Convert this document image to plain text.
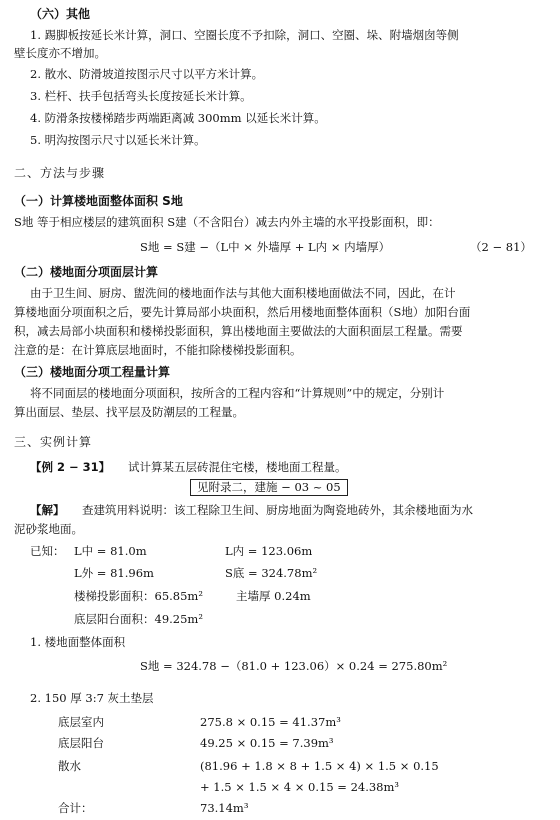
（六）其他
1. 踢脚板按延长米计算，洞口、空圈长度不予扣除，洞口、空圈、垛、附墙烟囱等侧
壁长度亦不增加。
2. 散水、防滑坡道按图示尺寸以平方米计算。
3. 栏杆、扶手包括弯头长度按延长米计算。
4. 防滑条按楼梯踏步两端距离减 300mm 以延长米计算。
5. 明沟按图示尺寸以延长米计算。
二、方法与步骤
（一）计算楼地面整体面积 S地
S地 等于相应楼层的建筑面积 S建（不含阳台）减去内外主墙的水平投影面积，即：
S地 = S建 −（L中 × 外墙厚 + L内 × 内墙厚）	（2 − 81）
（二）楼地面分项面层计算
由于卫生间、厨房、盥洗间的楼地面作法与其他大面积楼地面做法不同，因此，在计
算楼地面分项面积之后，要先计算局部小块面积，然后用楼地面整体面积（S地）加阳台面
积，减去局部小块面积和楼梯投影面积，算出楼地面主要做法的大面积面层工程量。需要
注意的是：在计算底层地面时，不能扣除楼梯投影面积。
（三）楼地面分项工程量计算
将不同面层的楼地面分项面积，按所含的工程内容和“计算规则”中的规定，分别计
算出面层、垫层、找平层及防潮层的工程量。
三、实例计算
【例 2 − 31】 试计算某五层砖混住宅楼，楼地面工程量。
见附录二，建施 − 03 ~ 05
【解】 查建筑用料说明：该工程除卫生间、厨房地面为陶瓷地砖外，其余楼地面为水
泥砂浆地面。
已知： L中 = 81.0m	L内 = 123.06m
L外 = 81.96m	S底 = 324.78m²
楼梯投影面积：65.85m²	主墙厚 0.24m
底层阳台面积：49.25m²
1. 楼地面整体面积
S地 = 324.78 −（81.0 + 123.06）× 0.24 = 275.80m²
2. 150 厚 3:7 灰土垫层
底层室内	275.8 × 0.15 = 41.37m³
底层阳台	49.25 × 0.15 = 7.39m³
散水	(81.96 + 1.8 × 8 + 1.5 × 4) × 1.5 × 0.15
+ 1.5 × 1.5 × 4 × 0.15 = 24.38m³
合计：	73.14m³
